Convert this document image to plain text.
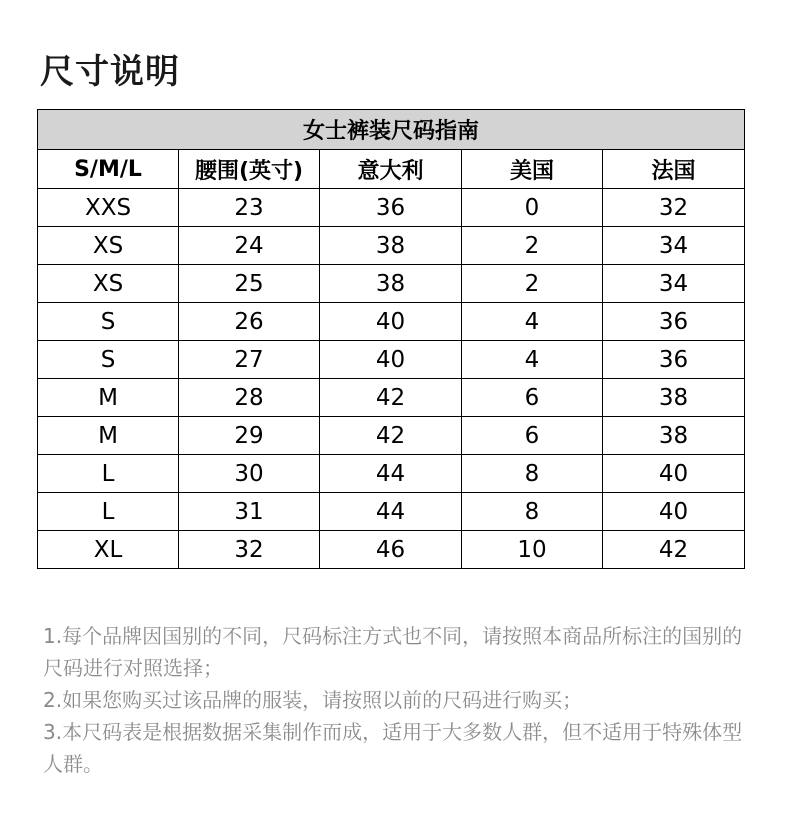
尺寸说明
女士裤装尺码指南				
S/M/L	腰围(英寸)	意大利	美国	法国
XXS	23	36	0	32
XS	24	38	2	34
XS	25	38	2	34
S	26	40	4	36
S	27	40	4	36
M	28	42	6	38
M	29	42	6	38
L	30	44	8	40
L	31	44	8	40
XL	32	46	10	42

1.每个品牌因国别的不同，尺码标注方式也不同，请按照本商品所标注的国别的尺码进行对照选择；

2.如果您购买过该品牌的服装，请按照以前的尺码进行购买；

3.本尺码表是根据数据采集制作而成，适用于大多数人群，但不适用于特殊体型人群。
